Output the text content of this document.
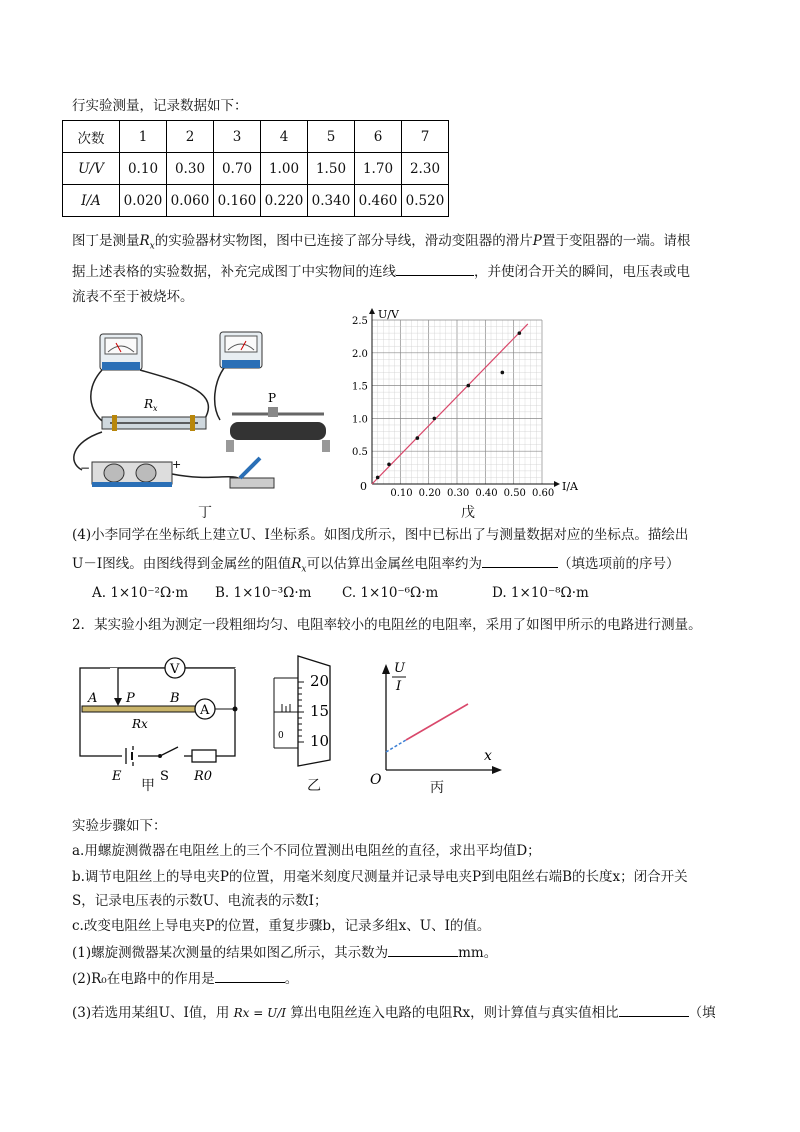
行实验测量，记录数据如下：
次数	1	2	3	4	5	6	7
U/V	0.10	0.30	0.70	1.00	1.50	1.70	2.30
I/A	0.020	0.060	0.160	0.220	0.340	0.460	0.520
图丁是测量$R_x$的实验器材实物图，图中已连接了部分导线，滑动变阻器的滑片P置于变阻器的一端。请根
据上述表格的实验数据，补充完成图丁中实物间的连线	，并使闭合开关的瞬间，电压表或电
流表不至于被烧坏。
$R_x$
P
−	+
丁
0.10 0.20 0.30 0.40 0.50 0.60
0.5
1.0
1.5
2.0
2.5
I/A
U/V
0
戊
(4)小李同学在坐标纸上建立U、I坐标系。如图戊所示，图中已标出了与测量数据对应的坐标点。描绘出
U－I图线。由图线得到金属丝的阻值$R_x$可以估算出金属丝电阻率约为	（填选项前的序号）
A. 1×10⁻²Ω·m B. 1×10⁻³Ω·m C. 1×10⁻⁶Ω·m	D. 1×10⁻⁸Ω·m
2．某实验小组为测定一段粗细均匀、电阻率较小的电阻丝的电阻率，采用了如图甲所示的电路进行测量。
V
A
A P	B
Rx
E	S R0
甲
20
15
10
0
乙
U
I
x
O	丙
实验步骤如下：
a.用螺旋测微器在电阻丝上的三个不同位置测出电阻丝的直径，求出平均值D；
b.调节电阻丝上的导电夹P的位置，用毫米刻度尺测量并记录导电夹P到电阻丝右端B的长度x；闭合开关
S，记录电压表的示数U、电流表的示数I；
c.改变电阻丝上导电夹P的位置，重复步骤b，记录多组x、U、I的值。
(1)螺旋测微器某次测量的结果如图乙所示，其示数为	mm。
(2)R₀在电路中的作用是	。
(3)若选用某组U、I值，用 Rx = U/I 算出电阻丝连入电路的电阻Rx，则计算值与真实值相比	（填
